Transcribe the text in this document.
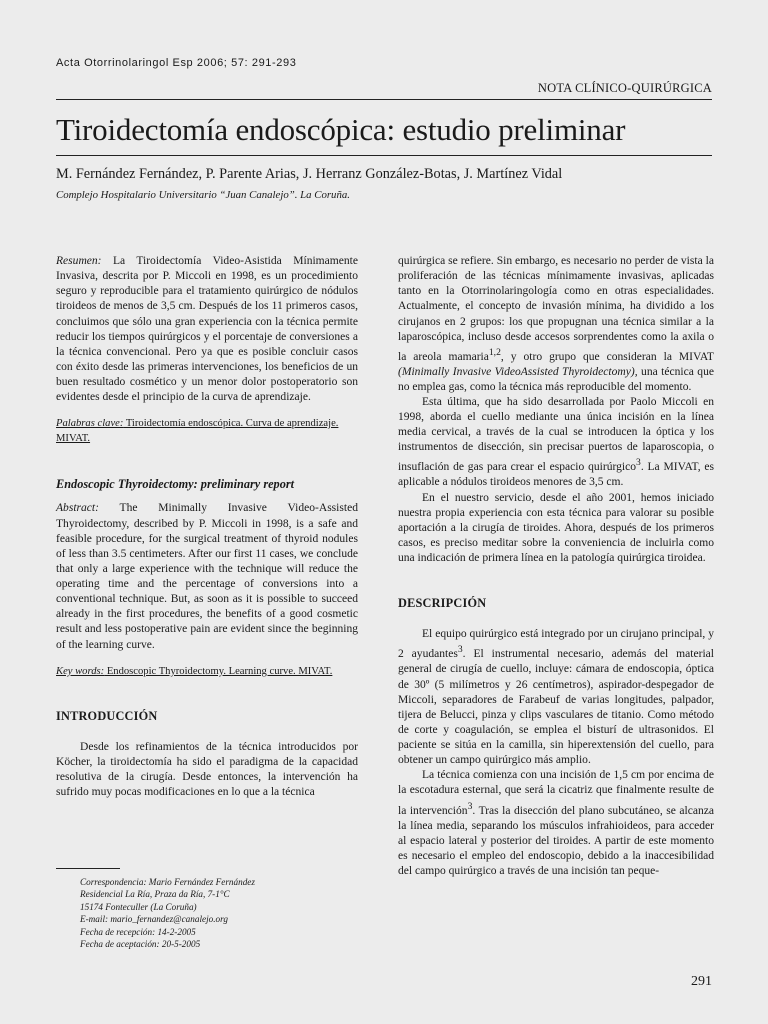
Acta Otorrinolaringol Esp 2006; 57: 291-293
NOTA CLÍNICO-QUIRÚRGICA
Tiroidectomía endoscópica: estudio preliminar
M. Fernández Fernández, P. Parente Arias, J. Herranz González-Botas, J. Martínez Vidal
Complejo Hospitalario Universitario “Juan Canalejo”. La Coruña.

Resumen: La Tiroidectomía Video-Asistida Mínimamente Invasiva, descrita por P. Miccoli en 1998, es un procedimiento seguro y reproducible para el tratamiento quirúrgico de nódulos tiroideos de menos de 3,5 cm. Después de los 11 primeros casos, concluimos que sólo una gran experiencia con la técnica permite reducir los tiempos quirúrgicos y el porcentaje de conversiones a la técnica convencional. Pero ya que es posible concluir casos con éxito desde las primeras intervenciones, los beneficios de un buen resultado cosmético y un menor dolor postoperatorio son evidentes desde el principio de la curva de aprendizaje.

Palabras clave: Tiroidectomía endoscópica. Curva de aprendizaje. MIVAT.

Endoscopic Thyroidectomy: preliminary report

Abstract: The Minimally Invasive Video-Assisted Thyroidectomy, described by P. Miccoli in 1998, is a safe and feasible procedure, for the surgical treatment of thyroid nodules of less than 3.5 centimeters. After our first 11 cases, we conclude that only a large experience with the technique will reduce the operating time and the percentage of conversions into a conventional technique. But, as soon as it is possible to succeed already in the first procedures, the benefits of a good cosmetic result and less postoperative pain are evident since the beginning of the learning curve.

Key words: Endoscopic Thyroidectomy. Learning curve. MIVAT.

INTRODUCCIÓN

Desde los refinamientos de la técnica introducidos por Köcher, la tiroidectomía ha sido el paradigma de la capacidad resolutiva de la cirugía. Desde entonces, la intervención ha sufrido muy pocas modificaciones en lo que a la técnica

quirúrgica se refiere. Sin embargo, es necesario no perder de vista la proliferación de las técnicas mínimamente invasivas, aplicadas tanto en la Otorrinolaringología como en otras especialidades. Actualmente, el concepto de invasión mínima, ha dividido a los cirujanos en 2 grupos: los que propugnan una técnica similar a la laparoscópica, incluso desde accesos sorprendentes como la axila o la areola mamaria$^{1,2}$, y otro grupo que consideran la MIVAT (Minimally Invasive VideoAssisted Thyroidectomy), una técnica que no emplea gas, como la técnica más reproducible del momento.

Esta última, que ha sido desarrollada por Paolo Miccoli en 1998, aborda el cuello mediante una única incisión en la línea media cervical, a través de la cual se introducen la óptica y los instrumentos de disección, sin precisar puertos de laparoscopia, o insuflación de gas para crear el espacio quirúrgico$^3$. La MIVAT, es aplicable a nódulos tiroideos menores de 3,5 cm.

En el nuestro servicio, desde el año 2001, hemos iniciado nuestra propia experiencia con esta técnica para valorar su posible aportación a la cirugía de tiroides. Ahora, después de los primeros casos, es preciso meditar sobre la conveniencia de incluirla como una indicación de primera línea en la patología quirúrgica tiroidea.

DESCRIPCIÓN

El equipo quirúrgico está integrado por un cirujano principal, y 2 ayudantes$^3$. El instrumental necesario, además del material general de cirugía de cuello, incluye: cámara de endoscopia, óptica de 30º (5 milímetros y 26 centímetros), aspirador-despegador de Miccoli, separadores de Farabeuf de varias longitudes, palpador, tijera de Belucci, pinza y clips vasculares de titanio. Como método de corte y coagulación, se emplea el bisturí de ultrasonidos. El paciente se sitúa en la camilla, sin hiperextensión del cuello, para obtener un campo quirúrgico más amplio.

La técnica comienza con una incisión de 1,5 cm por encima de la escotadura esternal, que será la cicatriz que finalmente resulte de la intervención$^3$. Tras la disección del plano subcutáneo, se alcanza la línea media, separando los músculos infrahioideos, para acceder al espacio lateral y posterior del tiroides. A partir de este momento es necesario el empleo del endoscopio, debido a la inaccesibilidad del campo quirúrgico a través de una incisión tan peque-

Correspondencia: Mario Fernández Fernández
Residencial La Ría, Praza da Ría, 7-1°C
15174 Fonteculler (La Coruña)
E-mail: mario_fernandez@canalejo.org
Fecha de recepción: 14-2-2005
Fecha de aceptación: 20-5-2005
291
